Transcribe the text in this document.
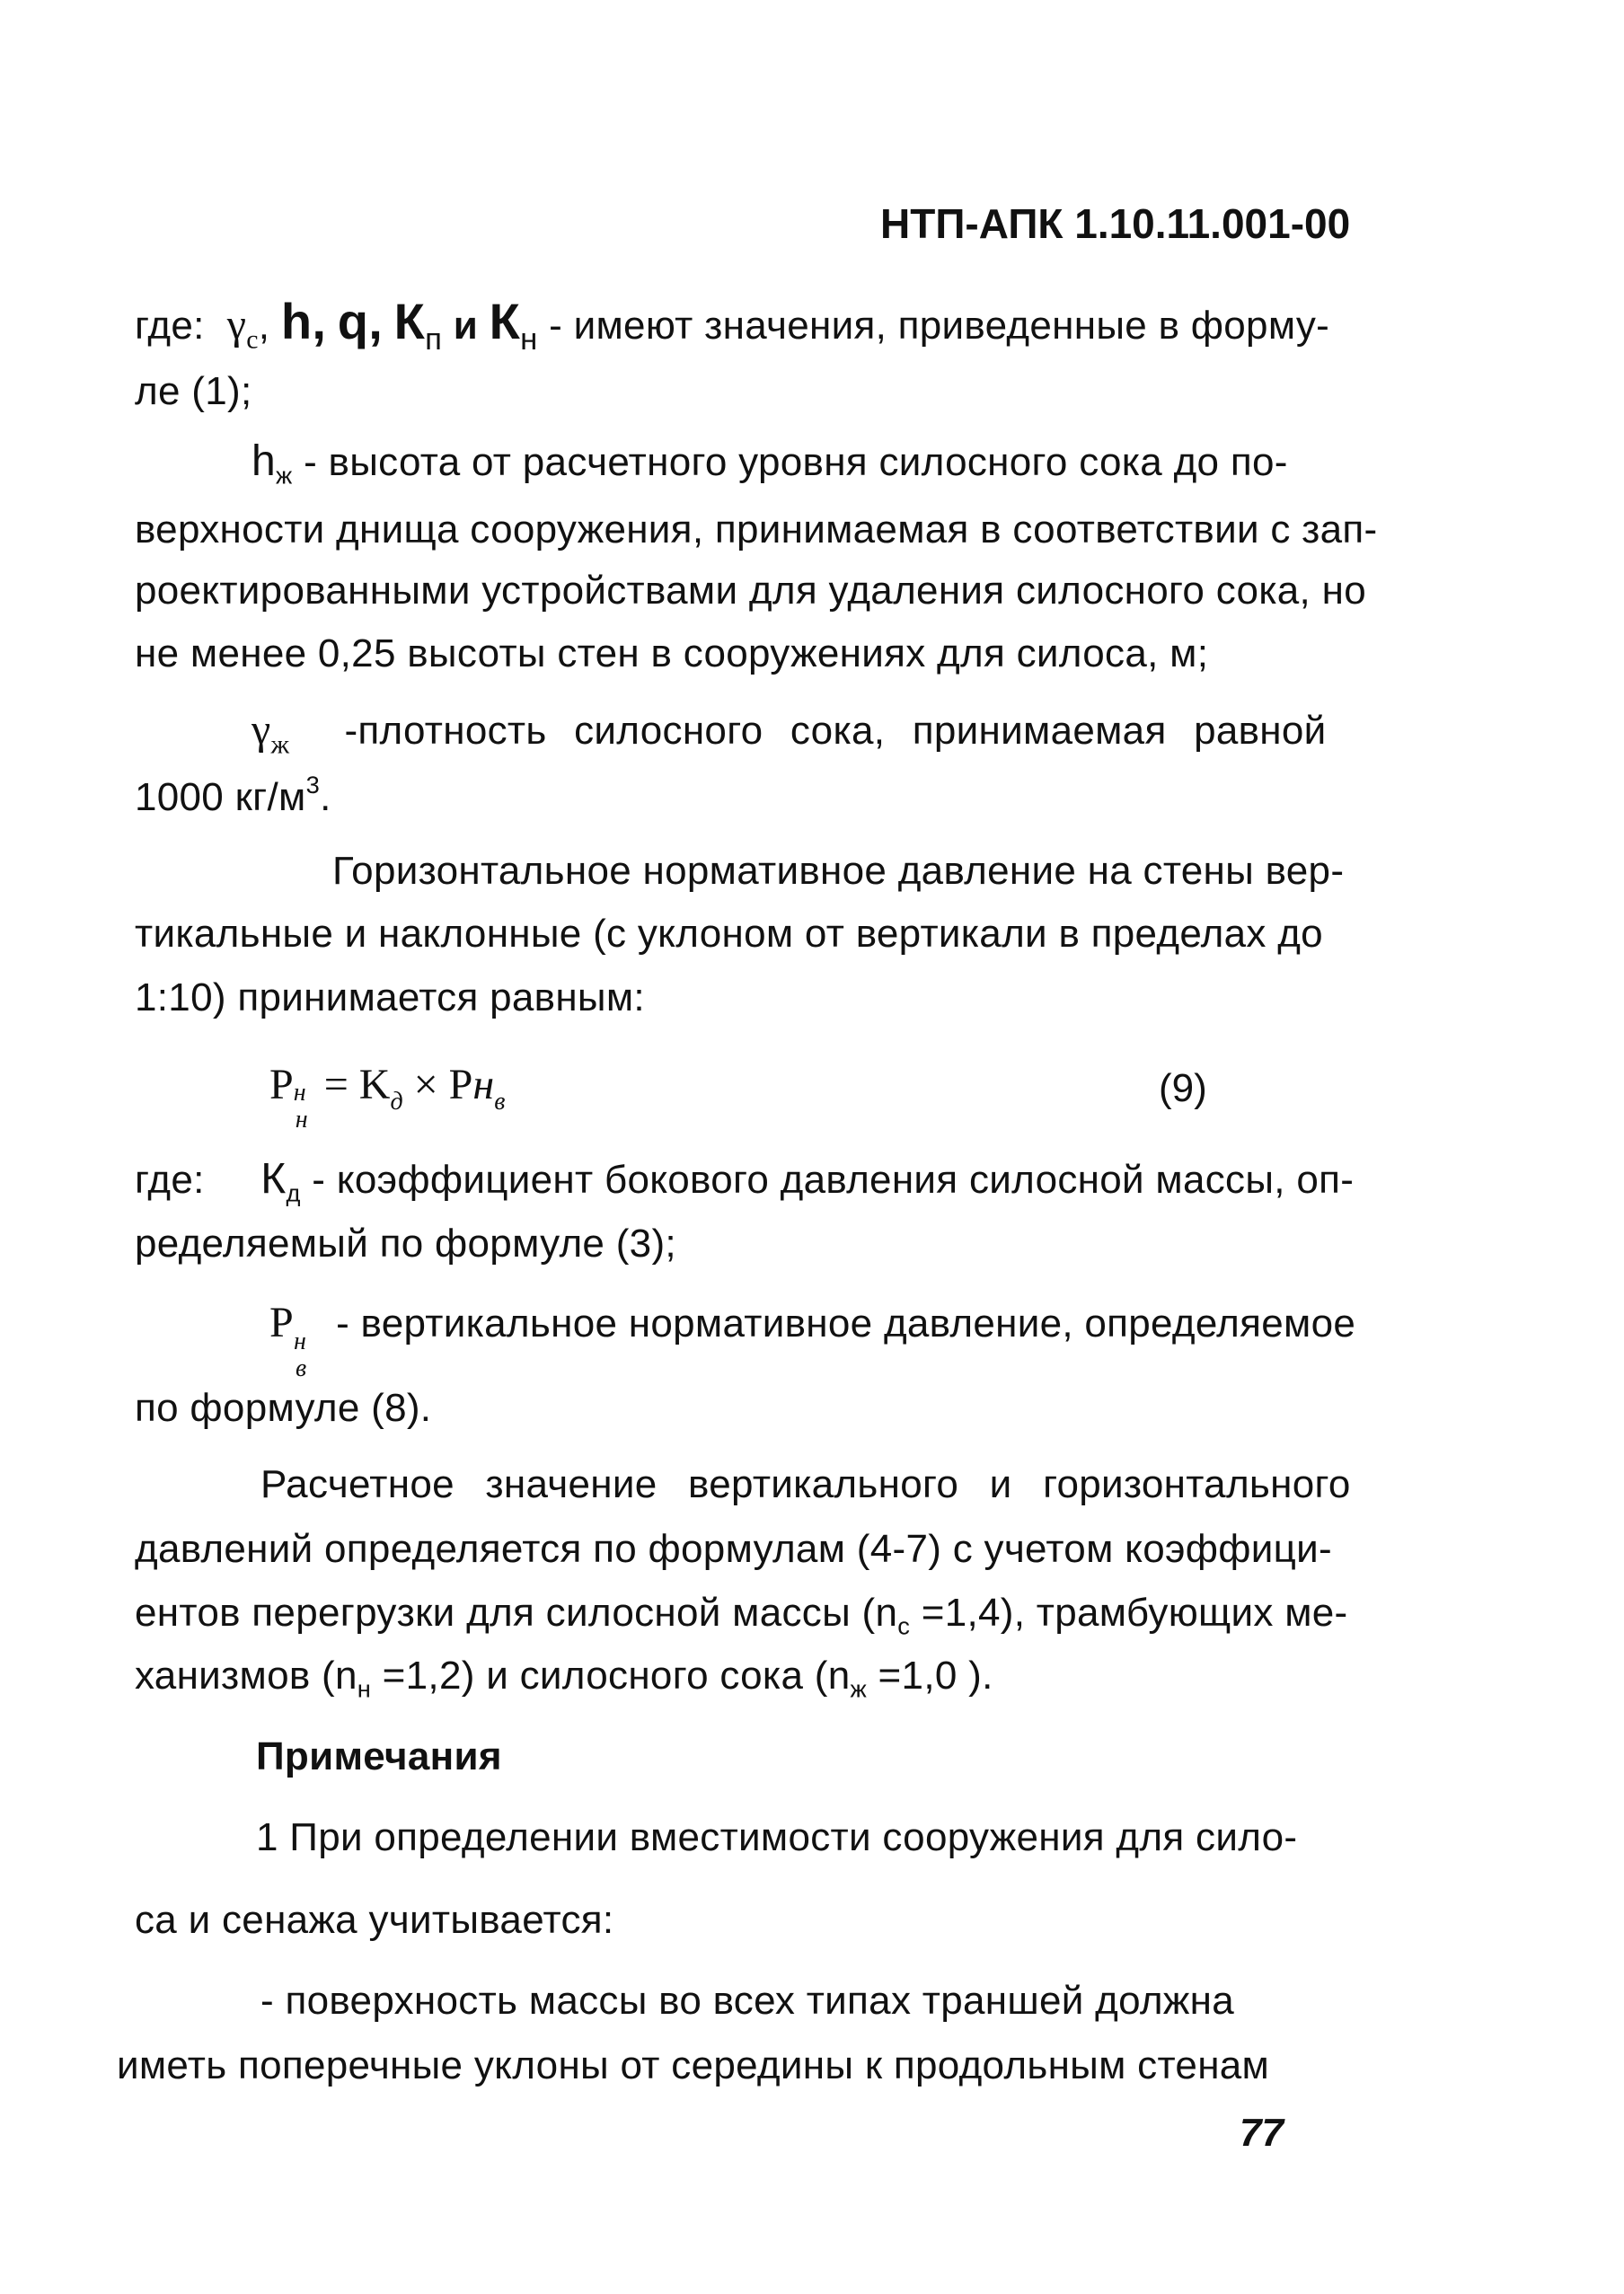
НТП-АПК 1.10.11.001-00
где: $\gamma_с$, h, q, $К_п$ и $К_н$ - имеют значения, приведенные в форму-
ле (1);
$h_ж$ - высота от расчетного уровня силосного сока до по-
верхности днища сооружения, принимаемая в соответствии с зап-
роектированными устройствами для удаления силосного сока, но
не менее 0,25 высоты стен в сооружениях для силоса, м;
$\gamma_ж$ -плотность силосного сока, принимаемая равной
1000 $кг/м^3$.
Горизонтальное нормативное давление на стены вер-
тикальные и наклонные (с уклоном от вертикали в пределах до
1:10) принимается равным:
P н
н
= $K_д \times Pн_в$	(9)
где: $К_д$ - коэффициент бокового давления силосной массы, оп-
ределяемый по формуле (3);
P н
в
- вертикальное нормативное давление, определяемое
по формуле (8).
Расчетное значение вертикального и горизонтального
давлений определяется по формулам (4-7) с учетом коэффици-
ентов перегрузки для силосной массы $(n_с =1,4)$, трамбующих ме-
ханизмов $(n_н =1,2)$ и силосного сока ($n_ж =1,0$ ).
Примечания
1 При определении вместимости сооружения для сило-
са и сенажа учитывается:
- поверхность массы во всех типах траншей должна
иметь поперечные уклоны от середины к продольным стенам
77
